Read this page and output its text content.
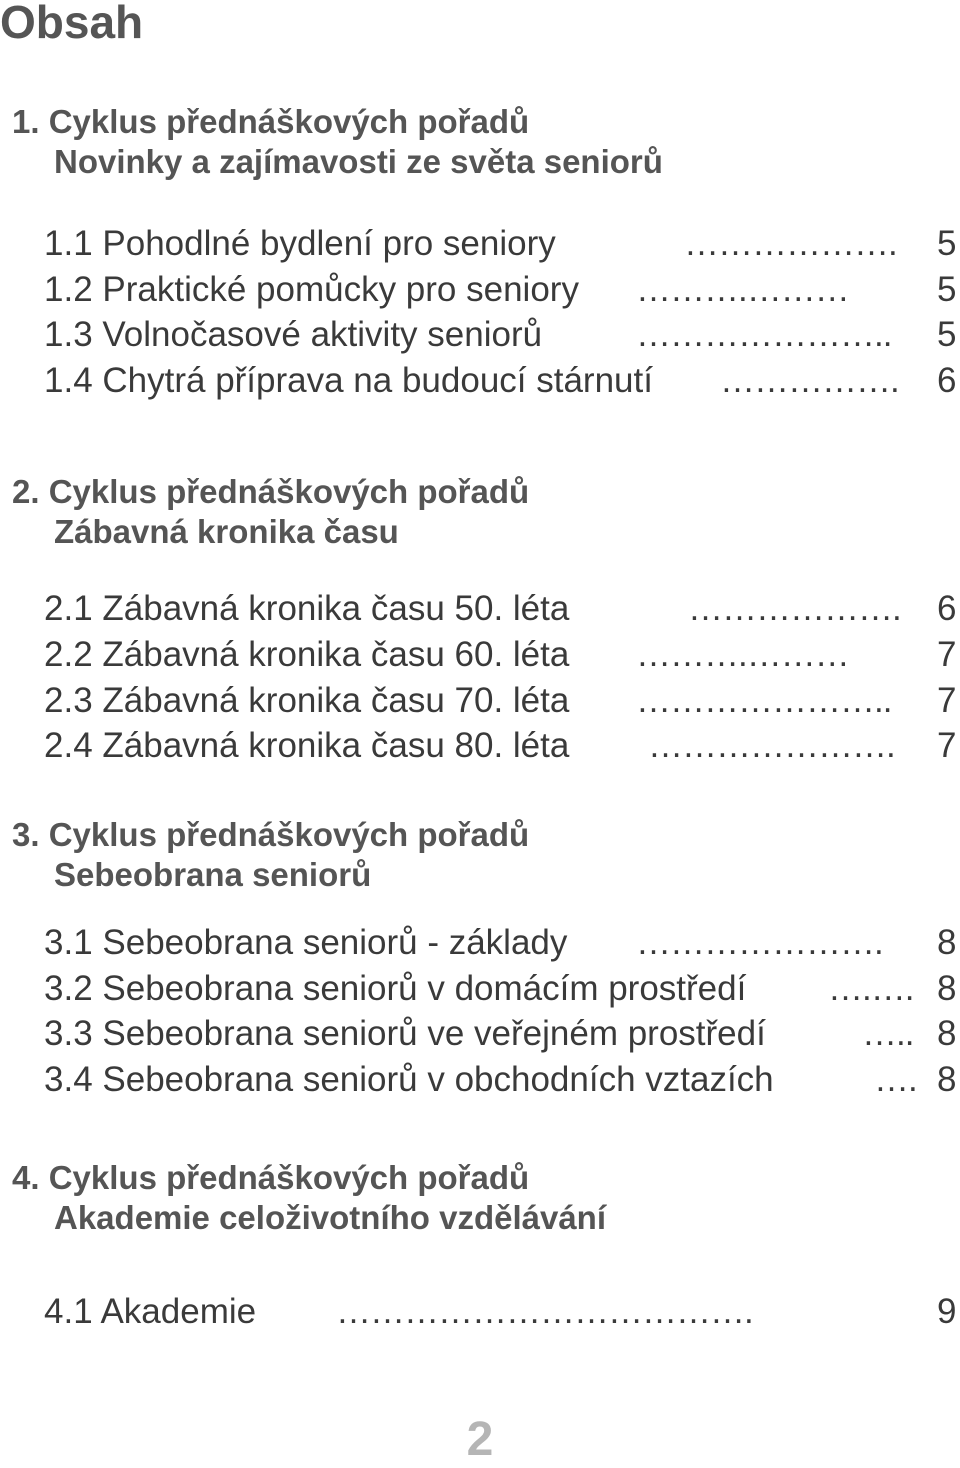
Obsah
1. Cyklus přednáškových pořadů
Novinky a zajímavosti ze světa seniorů
1.1 Pohodlné bydlení pro seniory	………………. 5
1.2 Praktické pomůcky pro seniory ……….………	5
1.3 Volnočasové aktivity seniorů	………………….. 5
1.4 Chytrá příprava na budoucí stárnutí ……………. 6
2. Cyklus přednáškových pořadů
Zábavná kronika času
2.1 Zábavná kronika času 50. léta	………………. 6
2.2 Zábavná kronika času 60. léta ……….………	7
2.3 Zábavná kronika času 70. léta ………………….. 7
2.4 Zábavná kronika času 80. léta …………………. 7
3. Cyklus přednáškových pořadů
Sebeobrana seniorů
3.1 Sebeobrana seniorů - základy …………………. 8
3.2 Sebeobrana seniorů v domácím prostředí ….…. 8
3.3 Sebeobrana seniorů ve veřejném prostředí	….. 8
3.4 Sebeobrana seniorů v obchodních vztazích	…. 8
4. Cyklus přednáškových pořadů
Akademie celoživotního vzdělávání
4.1 Akademie ……………………………….	9
2
